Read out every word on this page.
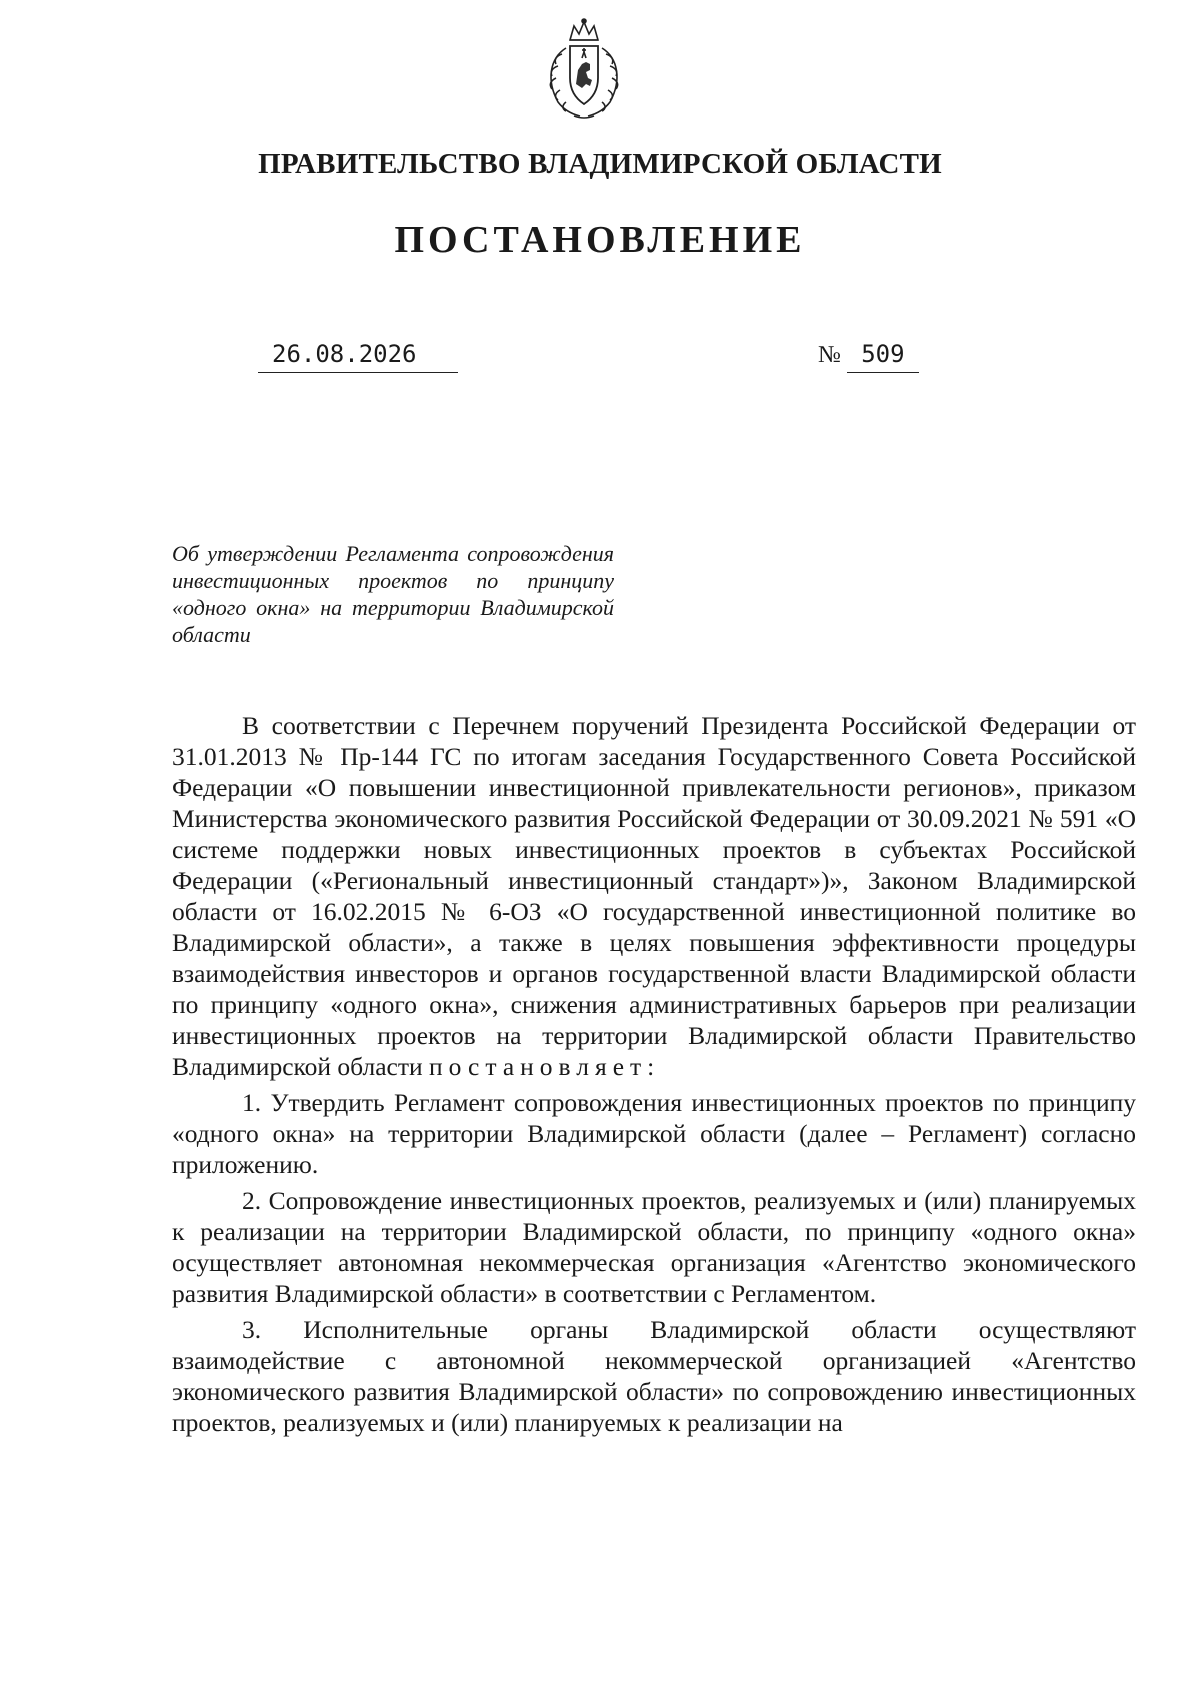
ПРАВИТЕЛЬСТВО ВЛАДИМИРСКОЙ ОБЛАСТИ
ПОСТАНОВЛЕНИЕ
26.08.2026	№ 509
Об утверждении Регламента сопровождения инвестиционных проектов по принципу «одного окна» на территории Владимирской области

В соответствии с Перечнем поручений Президента Российской Федерации от 31.01.2013 № Пр-144 ГС по итогам заседания Государственного Совета Российской Федерации «О повышении инвестиционной привлекательности регионов», приказом Министерства экономического развития Российской Федерации от 30.09.2021 № 591 «О системе поддержки новых инвестиционных проектов в субъектах Российской Федерации («Региональный инвестиционный стандарт»)», Законом Владимирской области от 16.02.2015 № 6-ОЗ «О государственной инвестиционной политике во Владимирской области», а также в целях повышения эффективности процедуры взаимодействия инвесторов и органов государственной власти Владимирской области по принципу «одного окна», снижения административных барьеров при реализации инвестиционных проектов на территории Владимирской области Правительство Владимирской области постановляет:

1. Утвердить Регламент сопровождения инвестиционных проектов по принципу «одного окна» на территории Владимирской области (далее – Регламент) согласно приложению.

2. Сопровождение инвестиционных проектов, реализуемых и (или) планируемых к реализации на территории Владимирской области, по принципу «одного окна» осуществляет автономная некоммерческая организация «Агентство экономического развития Владимирской области» в соответствии с Регламентом.

3. Исполнительные органы Владимирской области осуществляют взаимодействие с автономной некоммерческой организацией «Агентство экономического развития Владимирской области» по сопровождению инвестиционных проектов, реализуемых и (или) планируемых к реализации на
